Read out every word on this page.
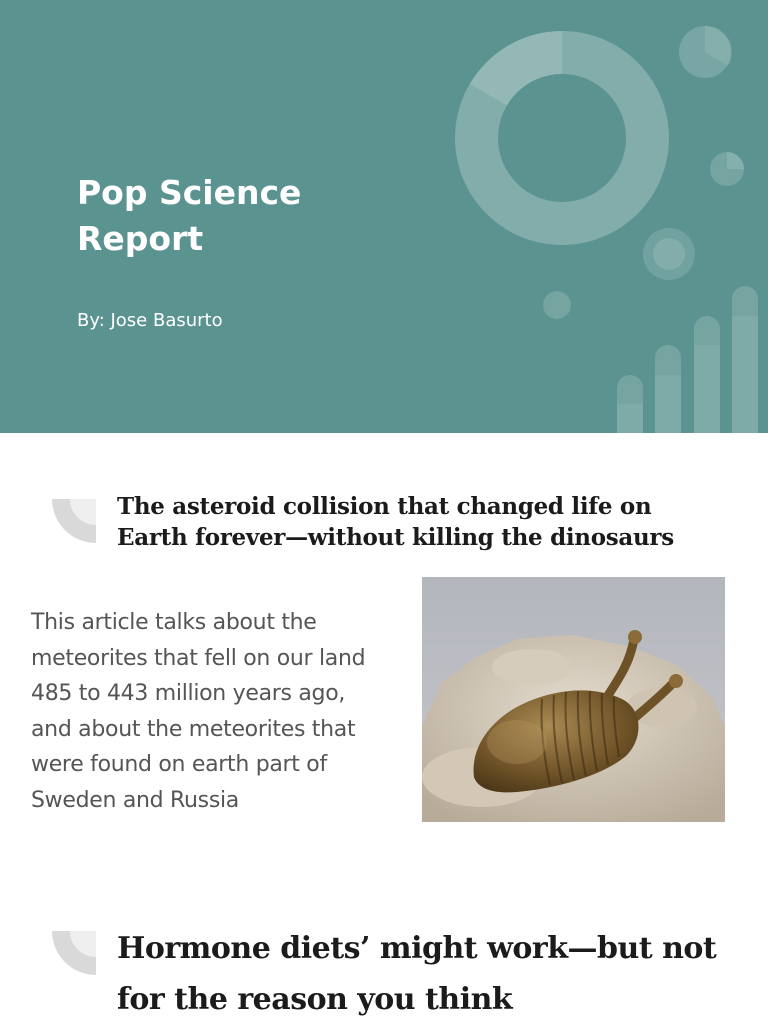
Pop Science
Report
By: Jose Basurto
The asteroid collision that changed life on
Earth forever—without killing the dinosaurs
This article talks about the
meteorites that fell on our land
485 to 443 million years ago,
and about the meteorites that
were found on earth part of
Sweden and Russia
Hormone diets’ might work—but not
for the reason you think
